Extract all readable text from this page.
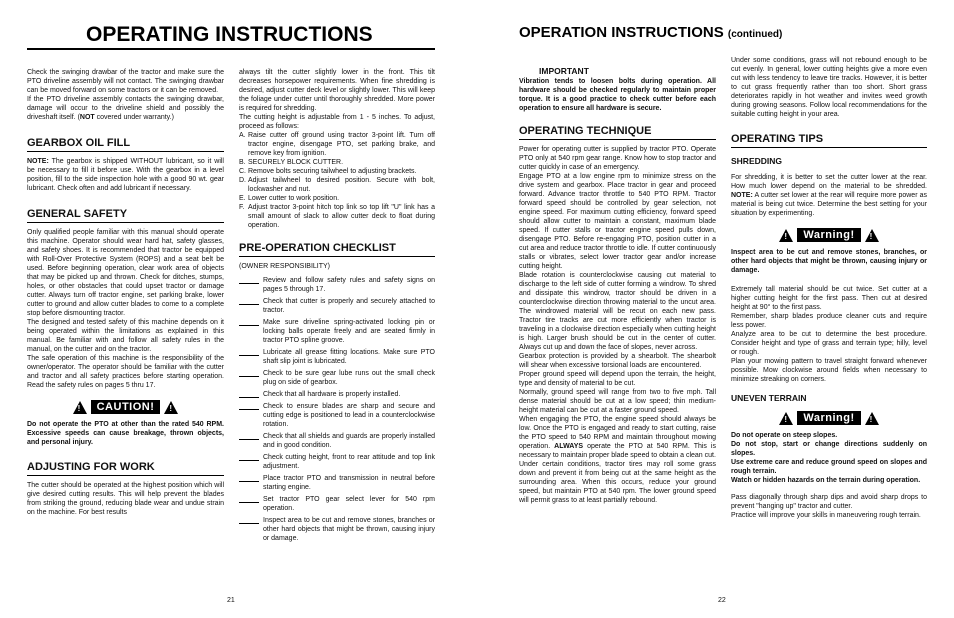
OPERATING INSTRUCTIONS

Check the swinging drawbar of the tractor and make sure the PTO driveline assembly will not contact. The swinging drawbar can be moved forward on some tractors or it can be removed.

If the PTO driveline assembly contacts the swinging drawbar, damage will occur to the driveline shield and possibly the driveshaft itself. (NOT covered under warranty.)

GEARBOX OIL FILL

NOTE: The gearbox is shipped WITHOUT lubricant, so it will be necessary to fill it before use. With the gearbox in a level position, fill to the side inspection hole with a good 90 wt. gear lubricant. Check often and add lubricant if necessary.

GENERAL SAFETY

Only qualified people familiar with this manual should operate this machine. Operator should wear hard hat, safety glasses, and safety shoes. It is recommended that tractor be equipped with Roll-Over Protective System (ROPS) and a seat belt be used. Before beginning operation, clear work area of objects that may be picked up and thrown. Check for ditches, stumps, holes, or other obstacles that could upset tractor or damage cutter. Always turn off tractor engine, set parking brake, lower cutter to ground and allow cutter blades to come to a complete stop before dismounting tractor.

The designed and tested safety of this machine depends on it being operated within the limitations as explained in this manual. Be familiar with and follow all safety rules in the manual, on the cutter and on the tractor.

The safe operation of this machine is the responsibility of the owner/operator. The operator should be familiar with the cutter and tractor and all safety practices before starting operation. Read the safety rules on pages 5 thru 17.

!	CAUTION!	!

Do not operate the PTO at other than the rated 540 RPM. Excessive speeds can cause breakage, thrown objects, and personal injury.

ADJUSTING FOR WORK

The cutter should be operated at the highest position which will give desired cutting results. This will help prevent the blades from striking the ground, reducing blade wear and undue strain on the machine. For best results

always tilt the cutter slightly lower in the front. This tilt decreases horsepower requirements. When fine shredding is desired, adjust cutter deck level or slightly lower. This will keep the foliage under cutter until thoroughly shredded. More power is required for shredding.

The cutting height is adjustable from 1 - 5 inches. To adjust, proceed as follows:

A. Raise cutter off ground using tractor 3-point lift. Turn off tractor engine, disengage PTO, set parking brake, and remove key from ignition.
B. SECURELY BLOCK CUTTER.
C. Remove bolts securing tailwheel to adjusting brackets.
D. Adjust tailwheel to desired position. Secure with bolt, lockwasher and nut.
E. Lower cutter to work position.
F. Adjust tractor 3-point hitch top link so top lift "U" link has a small amount of slack to allow cutter deck to float during operation.
PRE-OPERATION CHECKLIST

(OWNER RESPONSIBILITY)

Review and follow safety rules and safety signs on pages 5 through 17.
Check that cutter is properly and securely attached to tractor.
Make sure driveline spring-activated locking pin or locking balls operate freely and are seated firmly in tractor PTO spline groove.
Lubricate all grease fitting locations. Make sure PTO shaft slip joint is lubricated.
Check to be sure gear lube runs out the small check plug on side of gearbox.
Check that all hardware is properly installed.
Check to ensure blades are sharp and secure and cutting edge is positioned to lead in a counterclockwise rotation.
Check that all shields and guards are properly installed and in good condition.
Check cutting height, front to rear attitude and top link adjustment.
Place tractor PTO and transmission in neutral before starting engine.
Set tractor PTO gear select lever for 540 rpm operation.
Inspect area to be cut and remove stones, branches or other hard objects that might be thrown, causing injury or damage.
21
OPERATION INSTRUCTIONS (continued)
IMPORTANT

Vibration tends to loosen bolts during operation. All hardware should be checked regularly to maintain proper torque. It is a good practice to check cutter before each operation to ensure all hardware is secure.

OPERATING TECHNIQUE

Power for operating cutter is supplied by tractor PTO. Operate PTO only at 540 rpm gear range. Know how to stop tractor and cutter quickly in case of an emergency.

Engage PTO at a low engine rpm to minimize stress on the drive system and gearbox. Place tractor in gear and proceed forward. Advance tractor throttle to 540 PTO RPM. Tractor forward speed should be controlled by gear selection, not engine speed. For maximum cutting efficiency, forward speed should allow cutter to maintain a constant, maximum blade speed. If cutter stalls or tractor engine speed pulls down, disengage PTO. Before re-engaging PTO, position cutter in a cut area and reduce tractor throttle to idle. If cutter continuously stalls or vibrates, select lower tractor gear and/or increase cutting height.

Blade rotation is counterclockwise causing cut material to discharge to the left side of cutter forming a windrow. To shred and dissipate this windrow, tractor should be driven in a counterclockwise direction throwing material to the uncut area. The windrowed material will be recut on each new pass. Tractor tire tracks are cut more efficiently when tractor is traveling in a clockwise direction especially when cutting height is high. Larger brush should be cut in the center of cutter. Always cut up and down the face of slopes, never across.

Gearbox protection is provided by a shearbolt. The shearbolt will shear when excessive torsional loads are encountered.

Proper ground speed will depend upon the terrain, the height, type and density of material to be cut.

Normally, ground speed will range from two to five mph. Tall dense material should be cut at a low speed; thin medium-height material can be cut at a faster ground speed.

When engaging the PTO, the engine speed should always be low. Once the PTO is engaged and ready to start cutting, raise the PTO speed to 540 RPM and maintain throughout mowing operation. ALWAYS operate the PTO at 540 RPM. This is necessary to maintain proper blade speed to obtain a clean cut.

Under certain conditions, tractor tires may roll some grass down and prevent it from being cut at the same height as the surrounding area. When this occurs, reduce your ground speed, but maintain PTO at 540 rpm. The lower ground speed will permit grass to at least partially rebound.

Under some conditions, grass will not rebound enough to be cut evenly. In general, lower cutting heights give a more even cut with less tendency to leave tire tracks. However, it is better to cut grass frequently rather than too short. Short grass deteriorates rapidly in hot weather and invites weed growth during growing seasons. Follow local recommendations for the suitable cutting height in your area.

OPERATING TIPS
SHREDDING

For shredding, it is better to set the cutter lower at the rear. How much lower depend on the material to be shredded. NOTE: A cutter set lower at the rear will require more power as material is being cut twice. Determine the best setting for your situation by experimenting.

!	Warning!	!

Inspect area to be cut and remove stones, branches, or other hard objects that might be thrown, causing injury or damage.

Extremely tall material should be cut twice. Set cutter at a higher cutting height for the first pass. Then cut at desired height at 90° to the first pass.

Remember, sharp blades produce cleaner cuts and require less power.

Analyze area to be cut to determine the best procedure. Consider height and type of grass and terrain type; hilly, level or rough.

Plan your mowing pattern to travel straight forward whenever possible. Mow clockwise around fields when necessary to minimize streaking on corners.

UNEVEN TERRAIN
!	Warning!	!

Do not operate on steep slopes.

Do not stop, start or change directions suddenly on slopes.

Use extreme care and reduce ground speed on slopes and rough terrain.

Watch or hidden hazards on the terrain during operation.

Pass diagonally through sharp dips and avoid sharp drops to prevent "hanging up" tractor and cutter.

Practice will improve your skills in maneuvering rough terrain.

22
